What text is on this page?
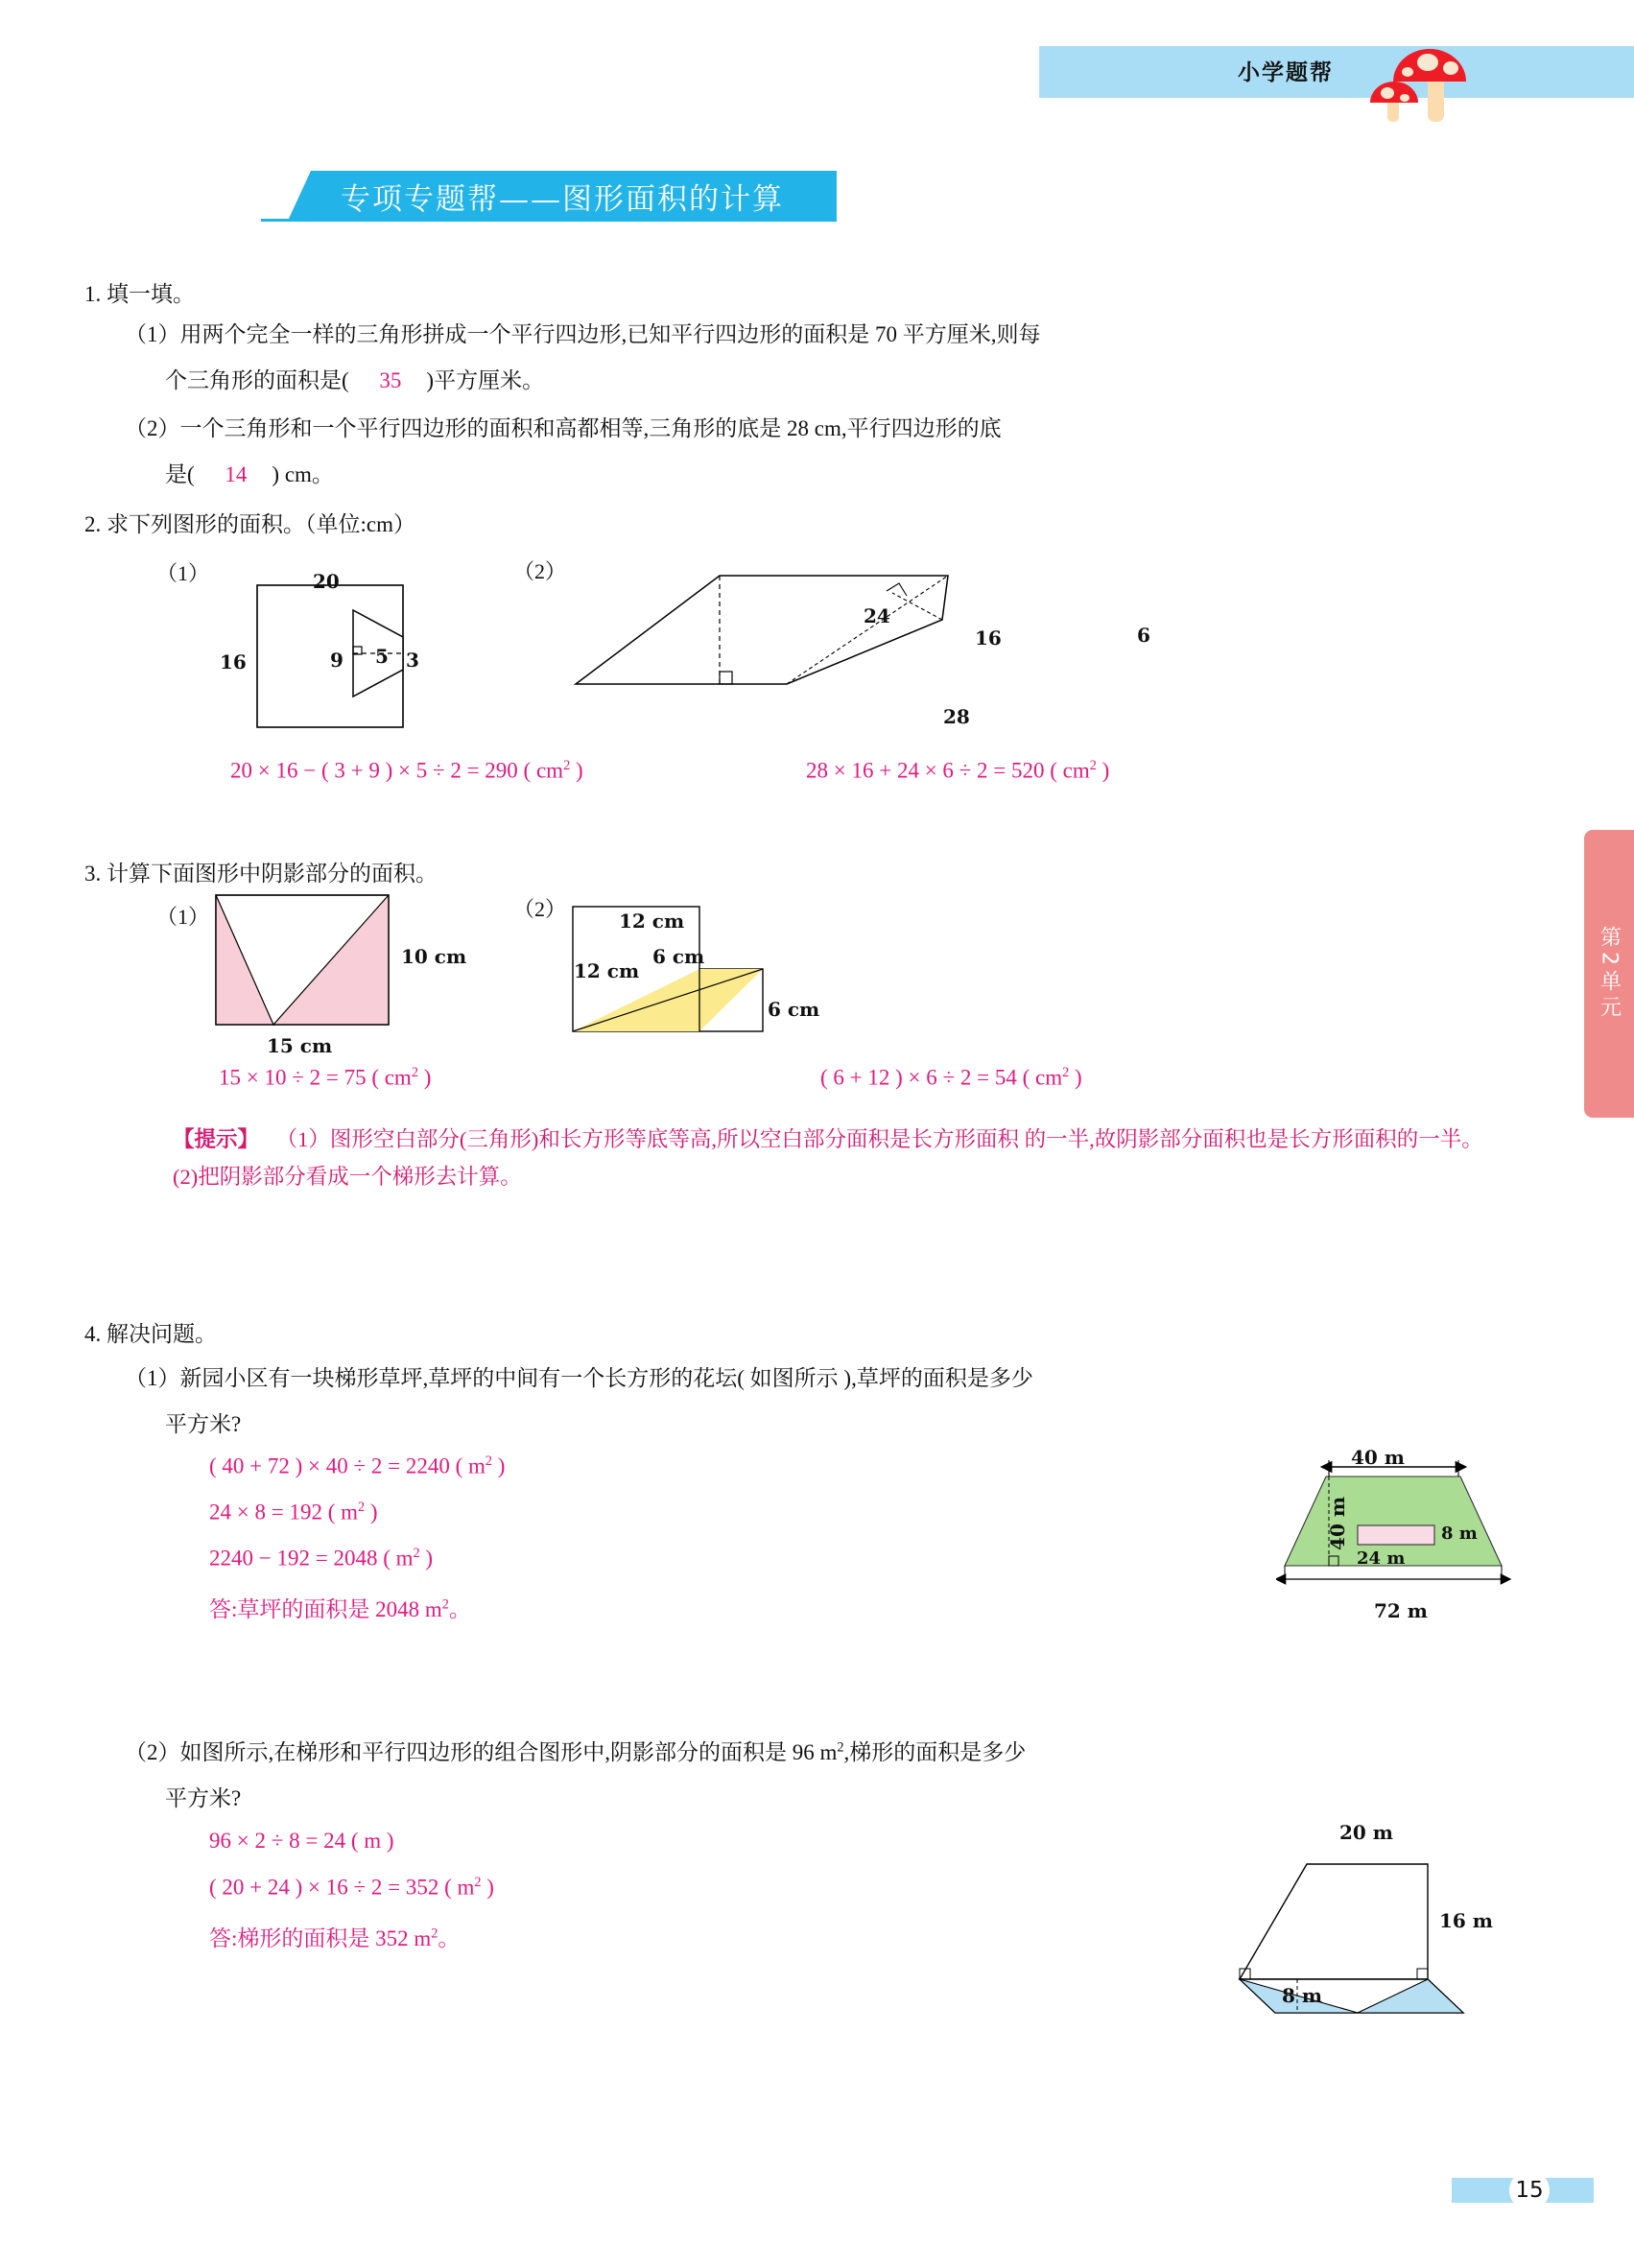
小学题帮
专项专题帮——图形面积的计算
第2单元
1. 填一填。
（1）用两个完全一样的三角形拼成一个平行四边形,已知平行四边形的面积是 70 平方厘米,则每
个三角形的面积是( 35 )平方厘米。
（2）一个三角形和一个平行四边形的面积和高都相等,三角形的底是 28 cm,平行四边形的底
是( 14 ) cm。
2. 求下列图形的面积。（单位:cm）
（1）	20
16	9 5 3
（2）
24
16
28
6
20 × 16 − ( 3 + 9 ) × 5 ÷ 2 = 290 ( $cm^2$ )	28 × 16 + 24 × 6 ÷ 2 = 520 ( $cm^2$ )
3. 计算下面图形中阴影部分的面积。
（1）
10 cm
15 cm
（2）	12 cm
12 cm
6 cm
6 cm
15 × 10 ÷ 2 = 75 ( $cm^2$ )	( 6 + 12 ) × 6 ÷ 2 = 54 ( $cm^2$ )
【提示】 （1）图形空白部分(三角形)和长方形等底等高,所以空白部分面积是长方形面积 的一半,故阴影部分面积也是长方形面积的一半。(2)把阴影部分看成一个梯形去计算。
4. 解决问题。
（1）新园小区有一块梯形草坪,草坪的中间有一个长方形的花坛( 如图所示 ),草坪的面积是多少
平方米?
( 40 + 72 ) × 40 ÷ 2 = 2240 ( $m^2$ )
24 × 8 = 192 ( $m^2$ )
2240 − 192 = 2048 ( $m^2$ )
答:草坪的面积是 2048 $m^2$。
40 m
40 m
24 m
8 m
72 m
（2）如图所示,在梯形和平行四边形的组合图形中,阴影部分的面积是 96 $m^2$,梯形的面积是多少
平方米?
96 × 2 ÷ 8 = 24 ( m )
( 20 + 24 ) × 16 ÷ 2 = 352 ( $m^2$ )
答:梯形的面积是 352 $m^2$。
20 m
16 m
8 m
15
